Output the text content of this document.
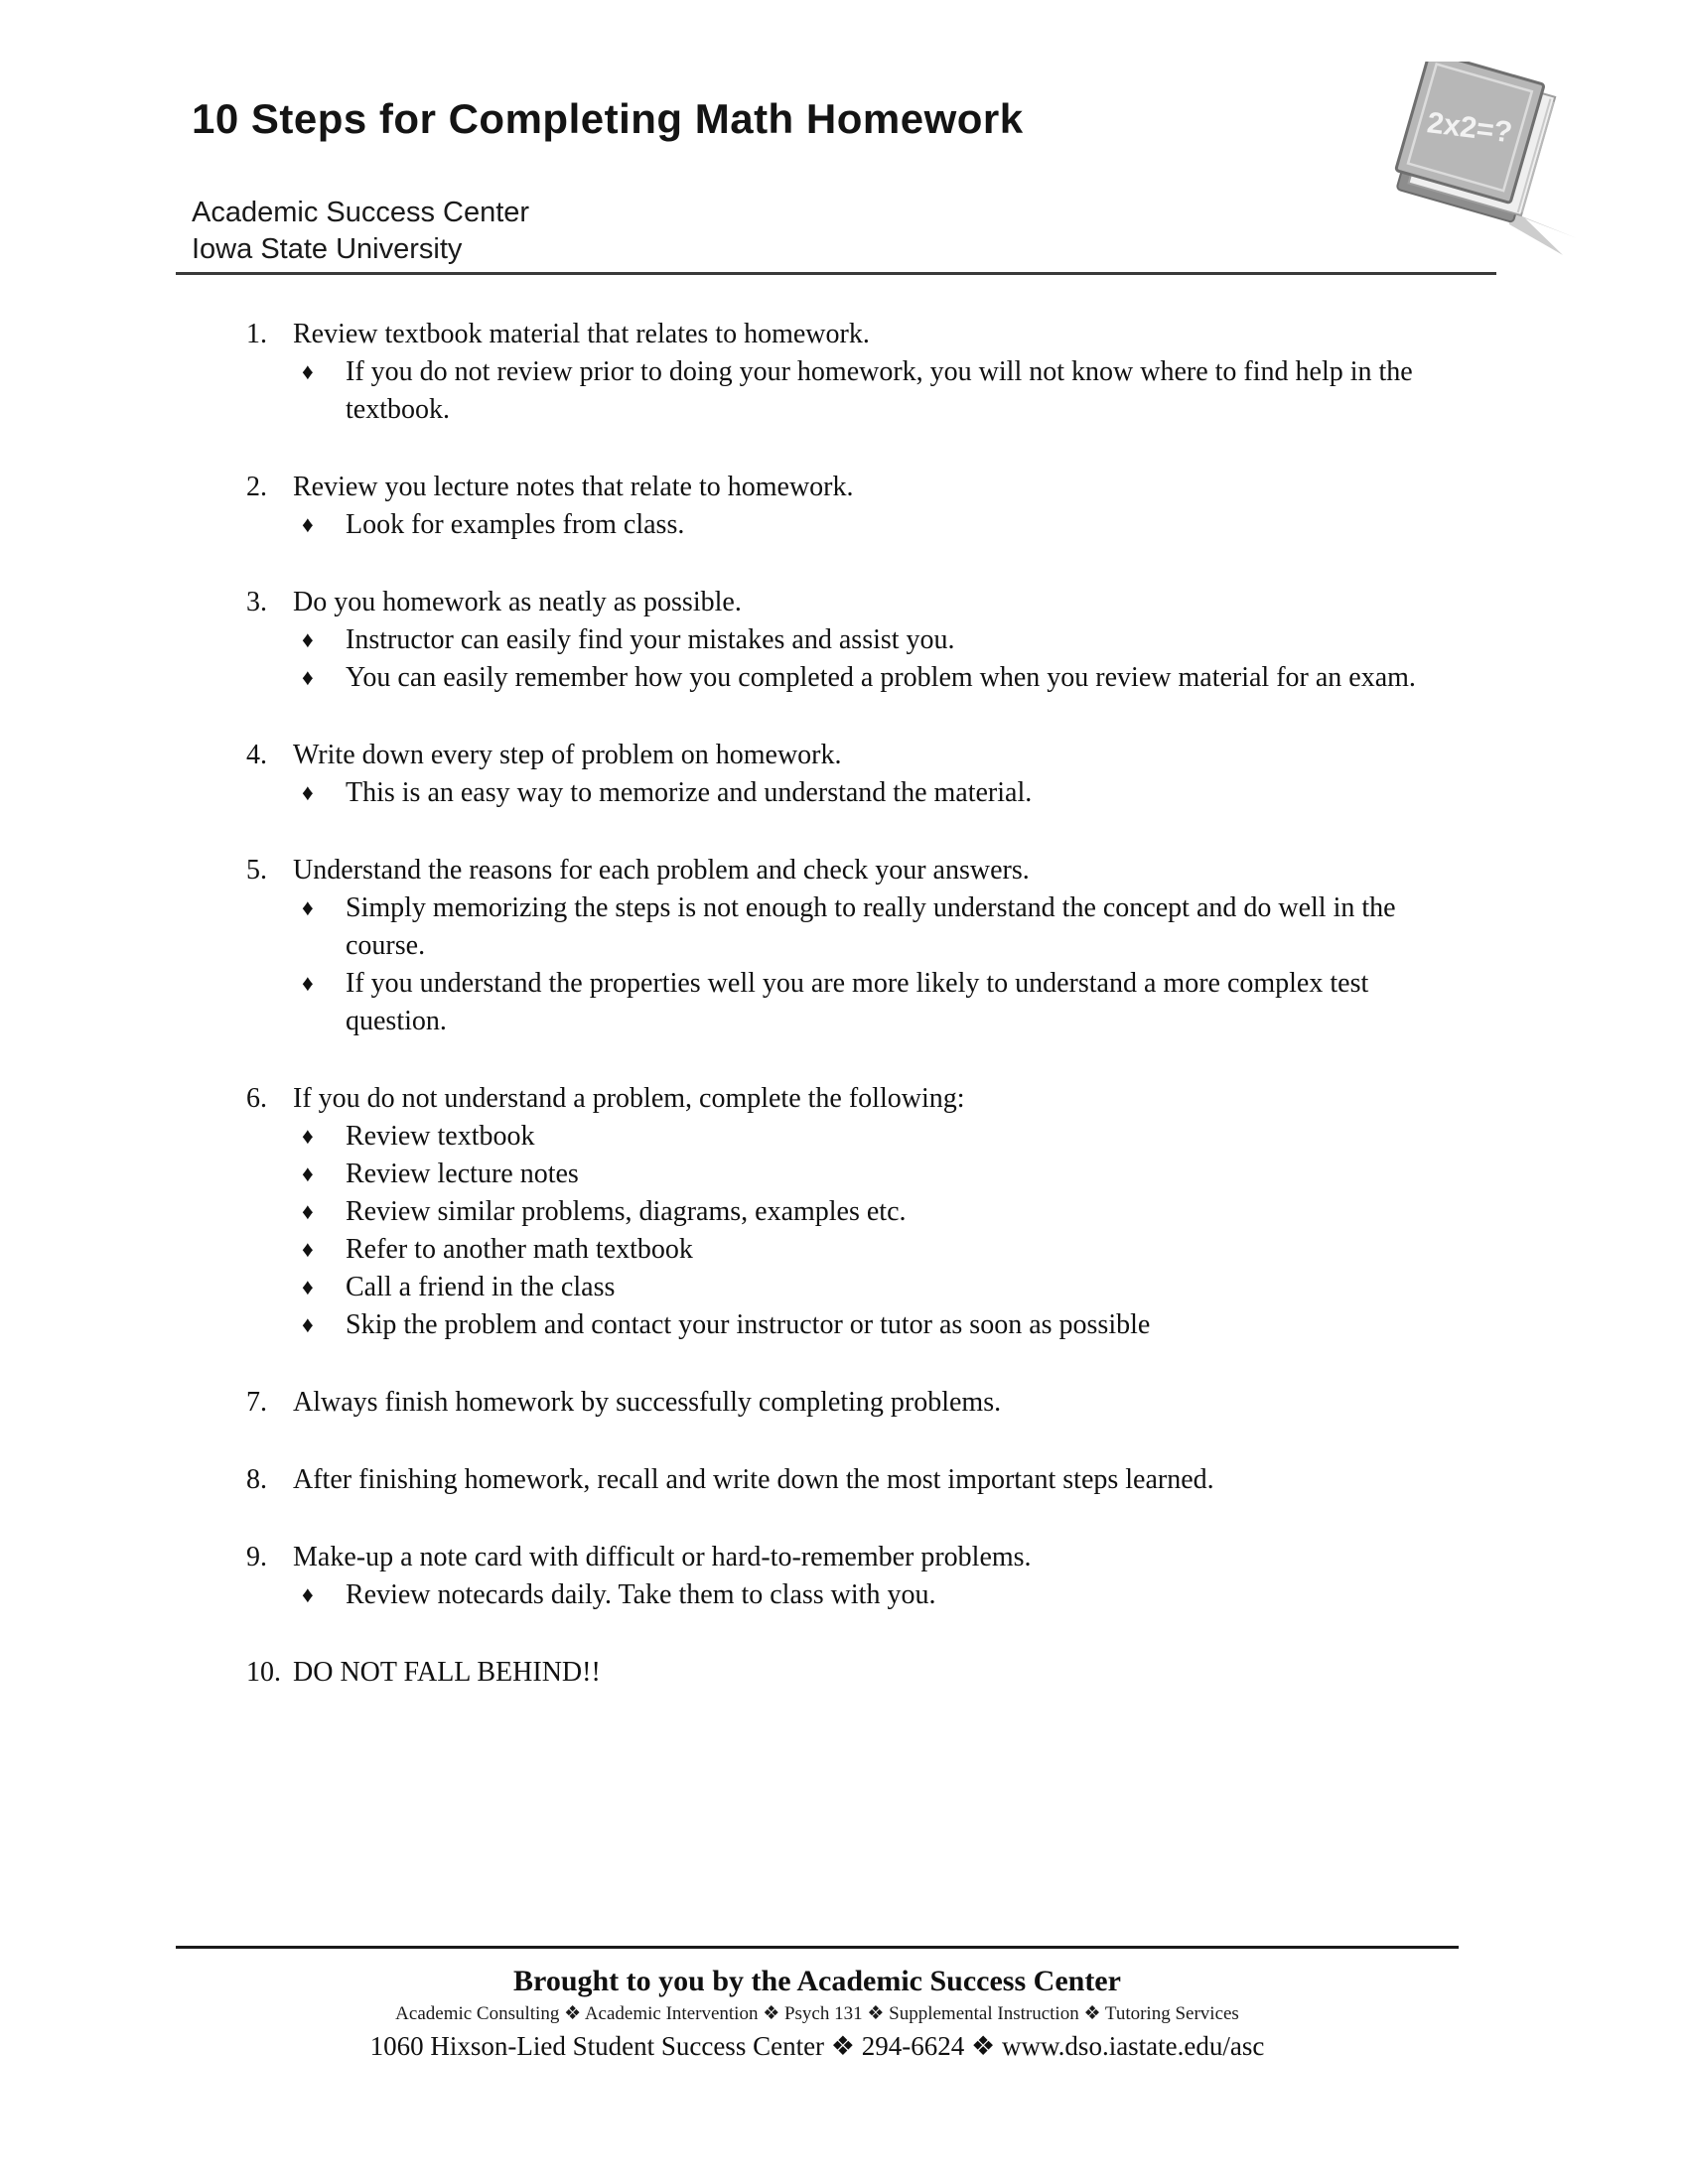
10 Steps for Completing Math Homework
Academic Success Center
Iowa State University
2x2=?
1. Review textbook material that relates to homework.
♦	If you do not review prior to doing your homework, you will not know where to find help in the textbook.
2. Review you lecture notes that relate to homework.
♦	Look for examples from class.
3. Do you homework as neatly as possible.
♦	Instructor can easily find your mistakes and assist you.
♦	You can easily remember how you completed a problem when you review material for an exam.
4. Write down every step of problem on homework.
♦	This is an easy way to memorize and understand the material.
5. Understand the reasons for each problem and check your answers.
♦	Simply memorizing the steps is not enough to really understand the concept and do well in the course.
♦	If you understand the properties well you are more likely to understand a more complex test question.
6. If you do not understand a problem, complete the following:
♦	Review textbook
♦	Review lecture notes
♦	Review similar problems, diagrams, examples etc.
♦	Refer to another math textbook
♦	Call a friend in the class
♦	Skip the problem and contact your instructor or tutor as soon as possible
7. Always finish homework by successfully completing problems.
8. After finishing homework, recall and write down the most important steps learned.
9. Make-up a note card with difficult or hard-to-remember problems.
♦	Review notecards daily. Take them to class with you.
10. DO NOT FALL BEHIND!!
Brought to you by the Academic Success Center
Academic Consulting ❖ Academic Intervention ❖ Psych 131 ❖ Supplemental Instruction ❖ Tutoring Services
1060 Hixson-Lied Student Success Center ❖ 294-6624 ❖ www.dso.iastate.edu/asc
